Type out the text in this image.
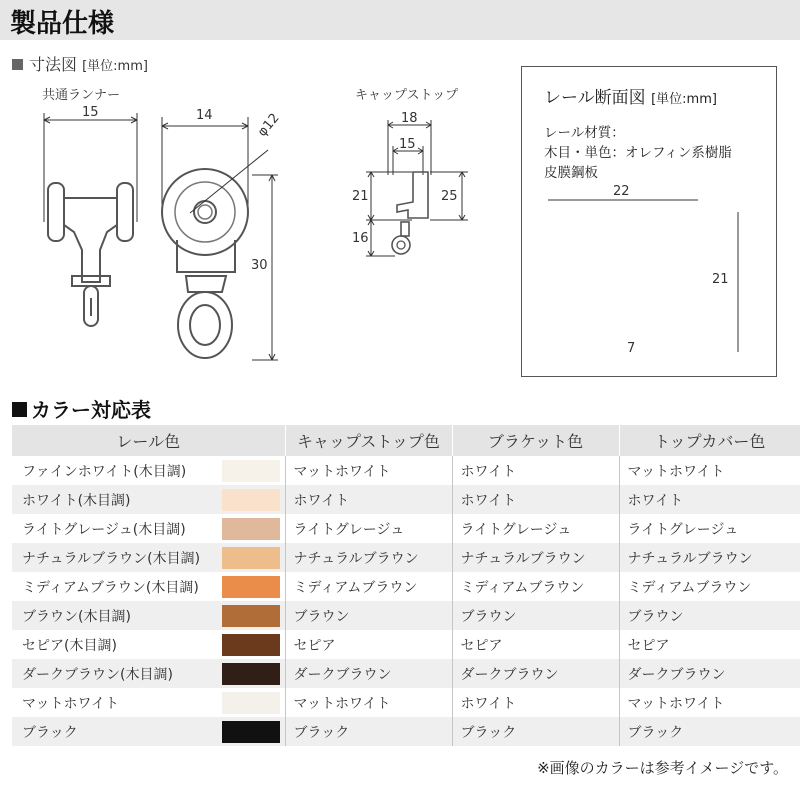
製品仕様
寸法図 [単位:mm]
共通ランナー	キャップストップ
15	14	φ12
30
18
15
21	25
16
レール断面図 [単位:mm]
レール材質：
木目・単色：オレフィン系樹脂
皮膜鋼板
22
21
7
カラー対応表
レール色		キャップストップ色	ブラケット色	トップカバー色
ファインホワイト(木目調)		マットホワイト	ホワイト	マットホワイト
ホワイト(木目調)		ホワイト	ホワイト	ホワイト
ライトグレージュ(木目調)		ライトグレージュ	ライトグレージュ	ライトグレージュ
ナチュラルブラウン(木目調)		ナチュラルブラウン	ナチュラルブラウン	ナチュラルブラウン
ミディアムブラウン(木目調)		ミディアムブラウン	ミディアムブラウン	ミディアムブラウン
ブラウン(木目調)		ブラウン	ブラウン	ブラウン
セピア(木目調)		セピア	セピア	セピア
ダークブラウン(木目調)		ダークブラウン	ダークブラウン	ダークブラウン
マットホワイト		マットホワイト	ホワイト	マットホワイト
ブラック		ブラック	ブラック	ブラック
※画像のカラーは参考イメージです。
